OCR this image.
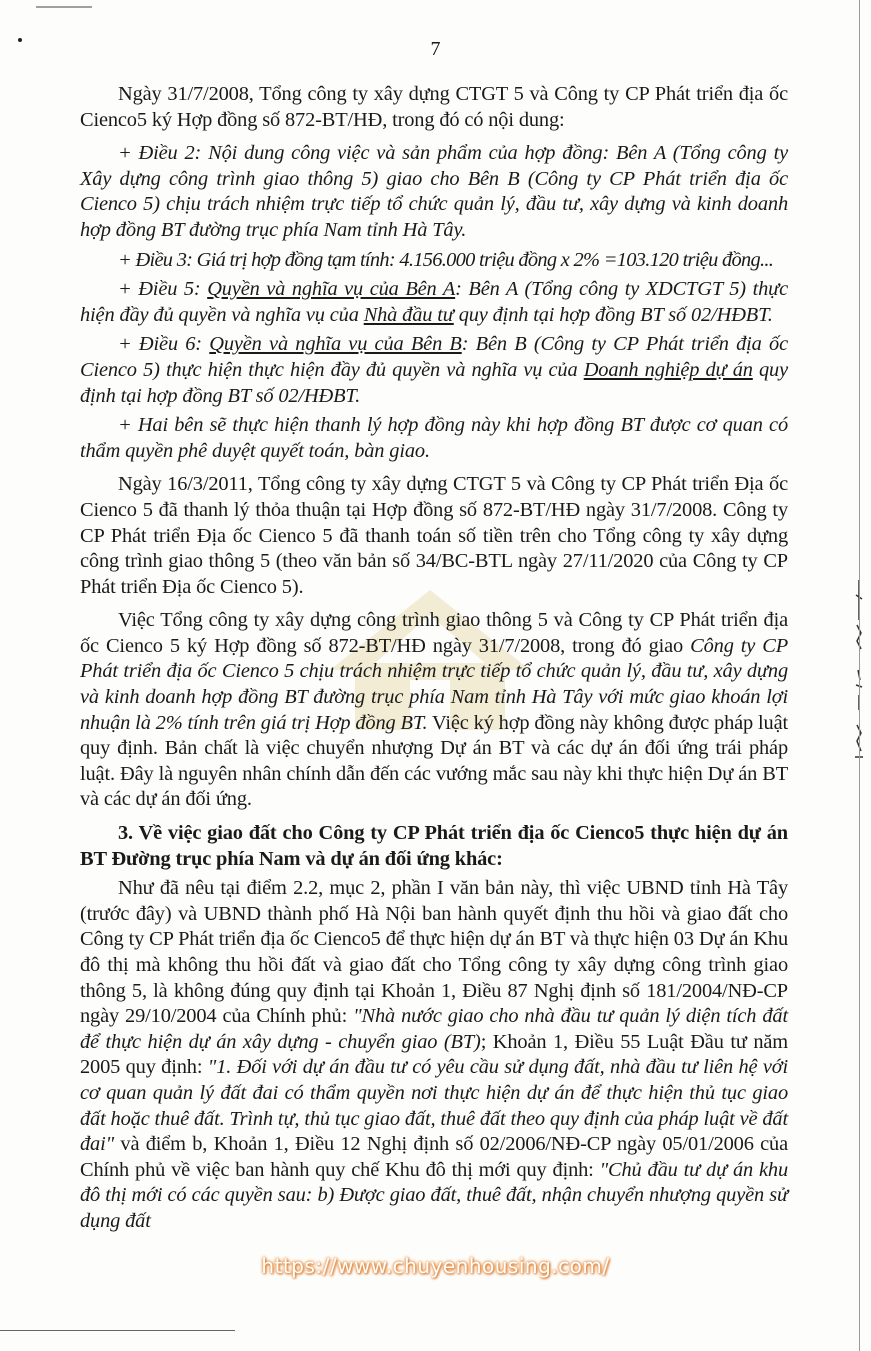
7

Ngày 31/7/2008, Tổng công ty xây dựng CTGT 5 và Công ty CP Phát triển địa ốc Cienco5 ký Hợp đồng số 872-BT/HĐ, trong đó có nội dung:

+ Điều 2: Nội dung công việc và sản phẩm của hợp đồng: Bên A (Tổng công ty Xây dựng công trình giao thông 5) giao cho Bên B (Công ty CP Phát triển địa ốc Cienco 5) chịu trách nhiệm trực tiếp tổ chức quản lý, đầu tư, xây dựng và kinh doanh hợp đồng BT đường trục phía Nam tỉnh Hà Tây.

+ Điều 3: Giá trị hợp đồng tạm tính: 4.156.000 triệu đồng x 2% =103.120 triệu đồng...

+ Điều 5: Quyền và nghĩa vụ của Bên A: Bên A (Tổng công ty XDCTGT 5) thực hiện đầy đủ quyền và nghĩa vụ của Nhà đầu tư quy định tại hợp đồng BT số 02/HĐBT.

+ Điều 6: Quyền và nghĩa vụ của Bên B: Bên B (Công ty CP Phát triển địa ốc Cienco 5) thực hiện thực hiện đầy đủ quyền và nghĩa vụ của Doanh nghiệp dự án quy định tại hợp đồng BT số 02/HĐBT.

+ Hai bên sẽ thực hiện thanh lý hợp đồng này khi hợp đồng BT được cơ quan có thẩm quyền phê duyệt quyết toán, bàn giao.

Ngày 16/3/2011, Tổng công ty xây dựng CTGT 5 và Công ty CP Phát triển Địa ốc Cienco 5 đã thanh lý thỏa thuận tại Hợp đồng số 872-BT/HĐ ngày 31/7/2008. Công ty CP Phát triển Địa ốc Cienco 5 đã thanh toán số tiền trên cho Tổng công ty xây dựng công trình giao thông 5 (theo văn bản số 34/BC-BTL ngày 27/11/2020 của Công ty CP Phát triển Địa ốc Cienco 5).

Việc Tổng công ty xây dựng công trình giao thông 5 và Công ty CP Phát triển địa ốc Cienco 5 ký Hợp đồng số 872-BT/HĐ ngày 31/7/2008, trong đó giao Công ty CP Phát triển địa ốc Cienco 5 chịu trách nhiệm trực tiếp tổ chức quản lý, đầu tư, xây dựng và kinh doanh hợp đồng BT đường trục phía Nam tỉnh Hà Tây với mức giao khoán lợi nhuận là 2% tính trên giá trị Hợp đồng BT. Việc ký hợp đồng này không được pháp luật quy định. Bản chất là việc chuyển nhượng Dự án BT và các dự án đối ứng trái pháp luật. Đây là nguyên nhân chính dẫn đến các vướng mắc sau này khi thực hiện Dự án BT và các dự án đối ứng.

3. Về việc giao đất cho Công ty CP Phát triển địa ốc Cienco5 thực hiện dự án BT Đường trục phía Nam và dự án đối ứng khác:

Như đã nêu tại điểm 2.2, mục 2, phần I văn bản này, thì việc UBND tỉnh Hà Tây (trước đây) và UBND thành phố Hà Nội ban hành quyết định thu hồi và giao đất cho Công ty CP Phát triển địa ốc Cienco5 để thực hiện dự án BT và thực hiện 03 Dự án Khu đô thị mà không thu hồi đất và giao đất cho Tổng công ty xây dựng công trình giao thông 5, là không đúng quy định tại Khoản 1, Điều 87 Nghị định số 181/2004/NĐ-CP ngày 29/10/2004 của Chính phủ: "Nhà nước giao cho nhà đầu tư quản lý diện tích đất để thực hiện dự án xây dựng - chuyển giao (BT); Khoản 1, Điều 55 Luật Đầu tư năm 2005 quy định: "1. Đối với dự án đầu tư có yêu cầu sử dụng đất, nhà đầu tư liên hệ với cơ quan quản lý đất đai có thẩm quyền nơi thực hiện dự án để thực hiện thủ tục giao đất hoặc thuê đất. Trình tự, thủ tục giao đất, thuê đất theo quy định của pháp luật về đất đai" và điểm b, Khoản 1, Điều 12 Nghị định số 02/2006/NĐ-CP ngày 05/01/2006 của Chính phủ về việc ban hành quy chế Khu đô thị mới quy định: "Chủ đầu tư dự án khu đô thị mới có các quyền sau: b) Được giao đất, thuê đất, nhận chuyển nhượng quyền sử dụng đất

https://www.chuyenhousing.com/
